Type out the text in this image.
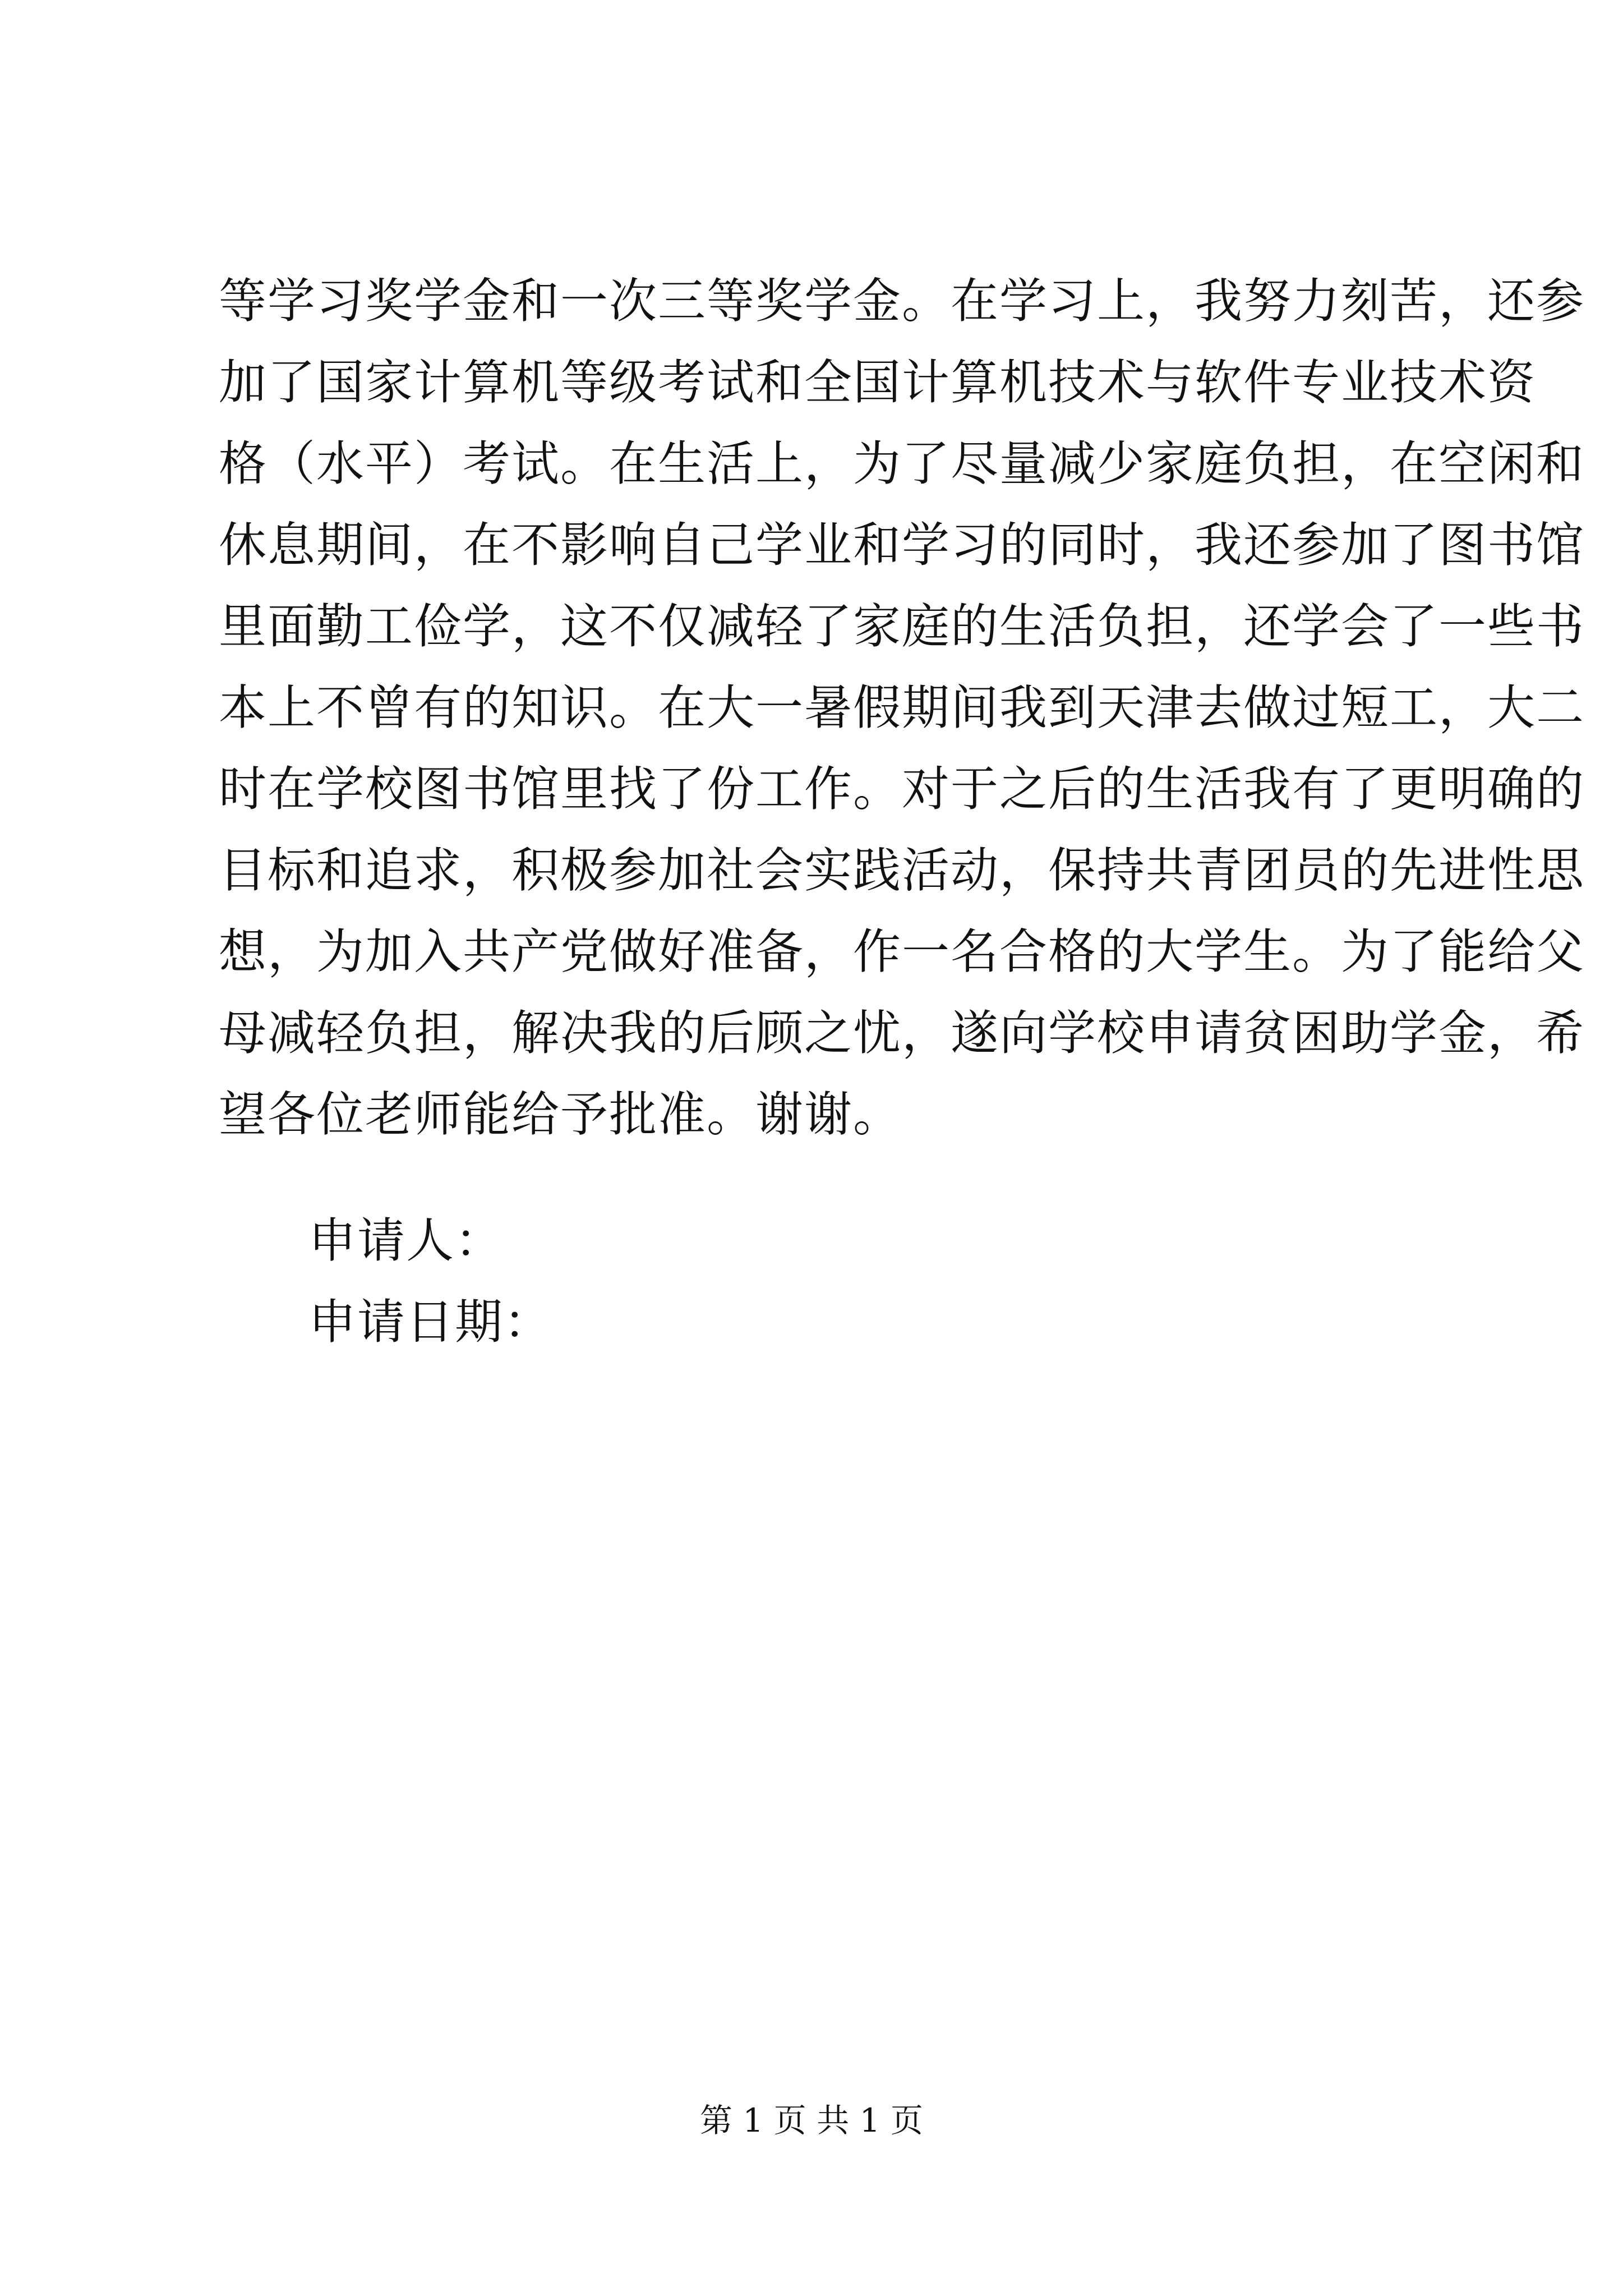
等学习奖学金和一次三等奖学金。在学习上，我努力刻苦，还参
加了国家计算机等级考试和全国计算机技术与软件专业技术资
格（水平）考试。在生活上，为了尽量减少家庭负担，在空闲和
休息期间，在不影响自己学业和学习的同时，我还参加了图书馆
里面勤工俭学，这不仅减轻了家庭的生活负担，还学会了一些书
本上不曾有的知识。在大一暑假期间我到天津去做过短工，大二
时在学校图书馆里找了份工作。对于之后的生活我有了更明确的
目标和追求，积极参加社会实践活动，保持共青团员的先进性思
想，为加入共产党做好准备，作一名合格的大学生。为了能给父
母减轻负担，解决我的后顾之忧，遂向学校申请贫困助学金，希
望各位老师能给予批准。谢谢。
申请人：
申请日期：
第 1 页 共 1 页
